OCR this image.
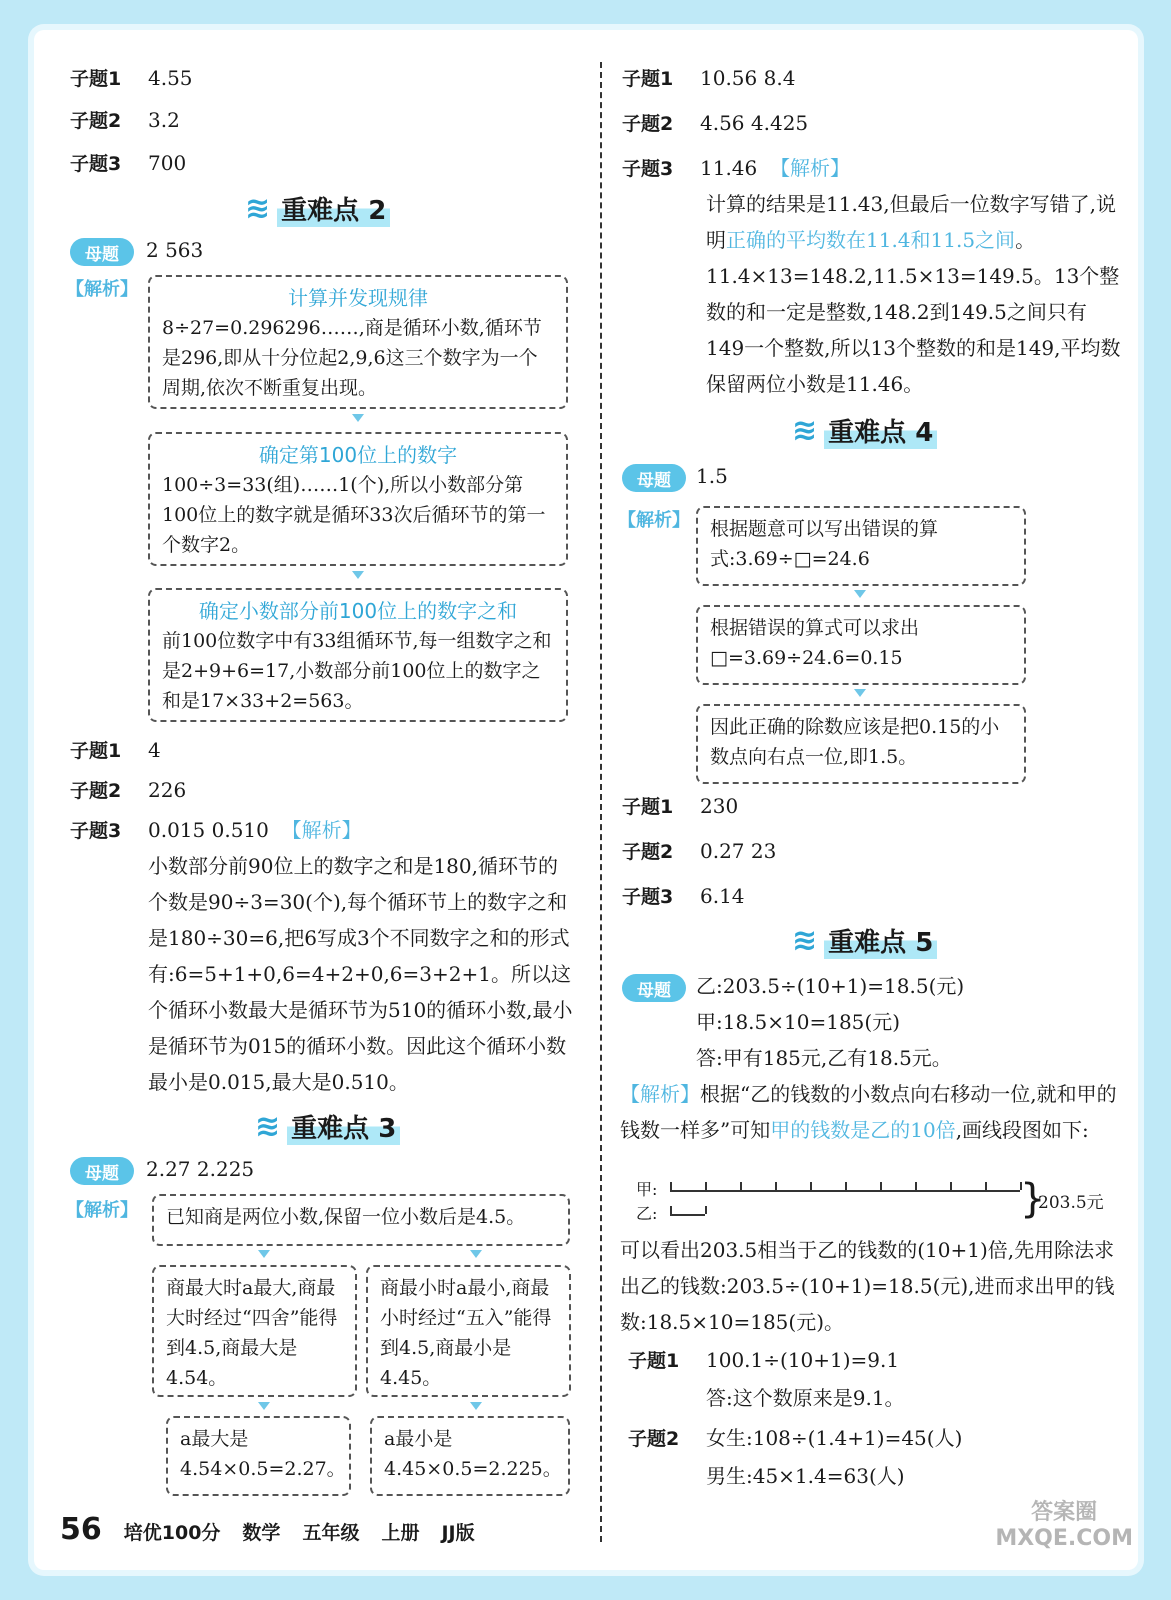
子题1 4.55
子题2 3.2
子题3 700
≋ 重难点 2
母题	2 563
【解析】	计算并发现规律
8÷27=0.296296……,商是循环小数,循环节是296,即从十分位起2,9,6这三个数字为一个周期,依次不断重复出现。
确定第100位上的数字
100÷3=33(组)……1(个),所以小数部分第100位上的数字就是循环33次后循环节的第一个数字2。
确定小数部分前100位上的数字之和
前100位数字中有33组循环节,每一组数字之和是2+9+6=17,小数部分前100位上的数字之和是17×33+2=563。
子题1 4
子题2 226
子题3 0.015 0.510 【解析】
小数部分前90位上的数字之和是180,循环节的个数是90÷3=30(个),每个循环节上的数字之和是180÷30=6,把6写成3个不同数字之和的形式有:6=5+1+0,6=4+2+0,6=3+2+1。所以这个循环小数最大是循环节为510的循环小数,最小是循环节为015的循环小数。因此这个循环小数最小是0.015,最大是0.510。
≋ 重难点 3
母题	2.27 2.225
【解析】 已知商是两位小数,保留一位小数后是4.5。
商最大时a最大,商最大时经过“四舍”能得到4.5,商最大是4.54。
商最小时a最小,商最小时经过“五入”能得到4.5,商最小是4.45。
a最大是4.54×0.5=2.27。
a最小是4.45×0.5=2.225。
子题1 10.56 8.4
子题2 4.56 4.425
子题3 11.46 【解析】
计算的结果是11.43,但最后一位数字写错了,说明正确的平均数在11.4和11.5之间。11.4×13=148.2,11.5×13=149.5。13个整数的和一定是整数,148.2到149.5之间只有149一个整数,所以13个整数的和是149,平均数保留两位小数是11.46。
≋ 重难点 4
母题	1.5
【解析】 根据题意可以写出错误的算式:3.69÷□=24.6
根据错误的算式可以求出□=3.69÷24.6=0.15
因此正确的除数应该是把0.15的小数点向右点一位,即1.5。
子题1 230
子题2 0.27 23
子题3 6.14
≋ 重难点 5
母题	乙:203.5÷(10+1)=18.5(元)
甲:18.5×10=185(元)
答:甲有185元,乙有18.5元。
【解析】根据“乙的钱数的小数点向右移动一位,就和甲的钱数一样多”可知甲的钱数是乙的10倍,画线段图如下:
甲:
乙:	}
203.5元
可以看出203.5相当于乙的钱数的(10+1)倍,先用除法求出乙的钱数:203.5÷(10+1)=18.5(元),进而求出甲的钱数:18.5×10=185(元)。
子题1 100.1÷(10+1)=9.1
答:这个数原来是9.1。
子题2 女生:108÷(1.4+1)=45(人)
男生:45×1.4=63(人)
56 培优100分 数学 五年级 上册 JJ版
答案圈
MXQE.COM
